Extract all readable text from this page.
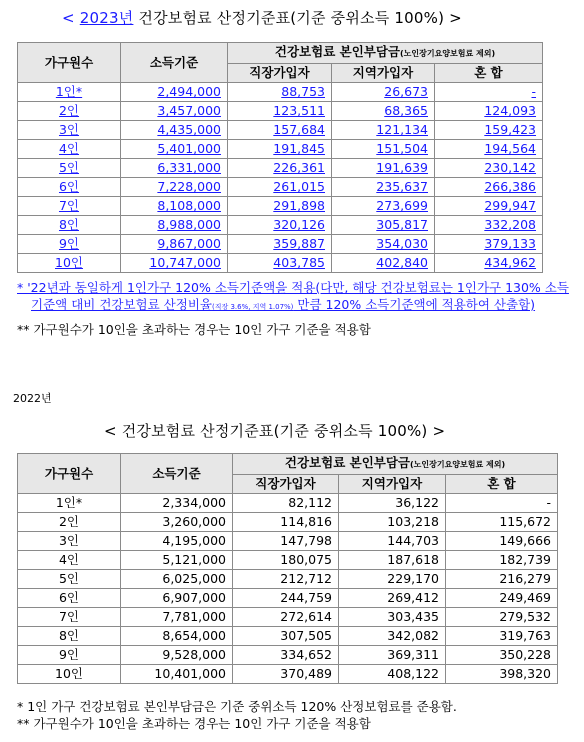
< 2023년 건강보험료 산정기준표(기준 중위소득 100%) >
가구원수	소득기준	건강보험료 본인부담금(노인장기요양보험료 제외)		
		직장가입자	지역가입자	혼 합
1인*	2,494,000	88,753	26,673	-
2인	3,457,000	123,511	68,365	124,093
3인	4,435,000	157,684	121,134	159,423
4인	5,401,000	191,845	151,504	194,564
5인	6,331,000	226,361	191,639	230,142
6인	7,228,000	261,015	235,637	266,386
7인	8,108,000	291,898	273,699	299,947
8인	8,988,000	320,126	305,817	332,208
9인	9,867,000	359,887	354,030	379,133
10인	10,747,000	403,785	402,840	434,962
* '22년과 동일하게 1인가구 120% 소득기준액을 적용(다만, 해당 건강보험료는 1인가구 130% 소득
기준액 대비 건강보험료 산정비율(직장 3.6%, 지역 1.07%) 만큼 120% 소득기준액에 적용하여 산출함)
** 가구원수가 10인을 초과하는 경우는 10인 가구 기준을 적용함
2022년
< 건강보험료 산정기준표(기준 중위소득 100%) >
가구원수	소득기준	건강보험료 본인부담금(노인장기요양보험료 제외)		
		직장가입자	지역가입자	혼 합
1인*	2,334,000	82,112	36,122	-
2인	3,260,000	114,816	103,218	115,672
3인	4,195,000	147,798	144,703	149,666
4인	5,121,000	180,075	187,618	182,739
5인	6,025,000	212,712	229,170	216,279
6인	6,907,000	244,759	269,412	249,469
7인	7,781,000	272,614	303,435	279,532
8인	8,654,000	307,505	342,082	319,763
9인	9,528,000	334,652	369,311	350,228
10인	10,401,000	370,489	408,122	398,320
* 1인 가구 건강보험료 본인부담금은 기준 중위소득 120% 산정보험료를 준용함.
** 가구원수가 10인을 초과하는 경우는 10인 가구 기준을 적용함
